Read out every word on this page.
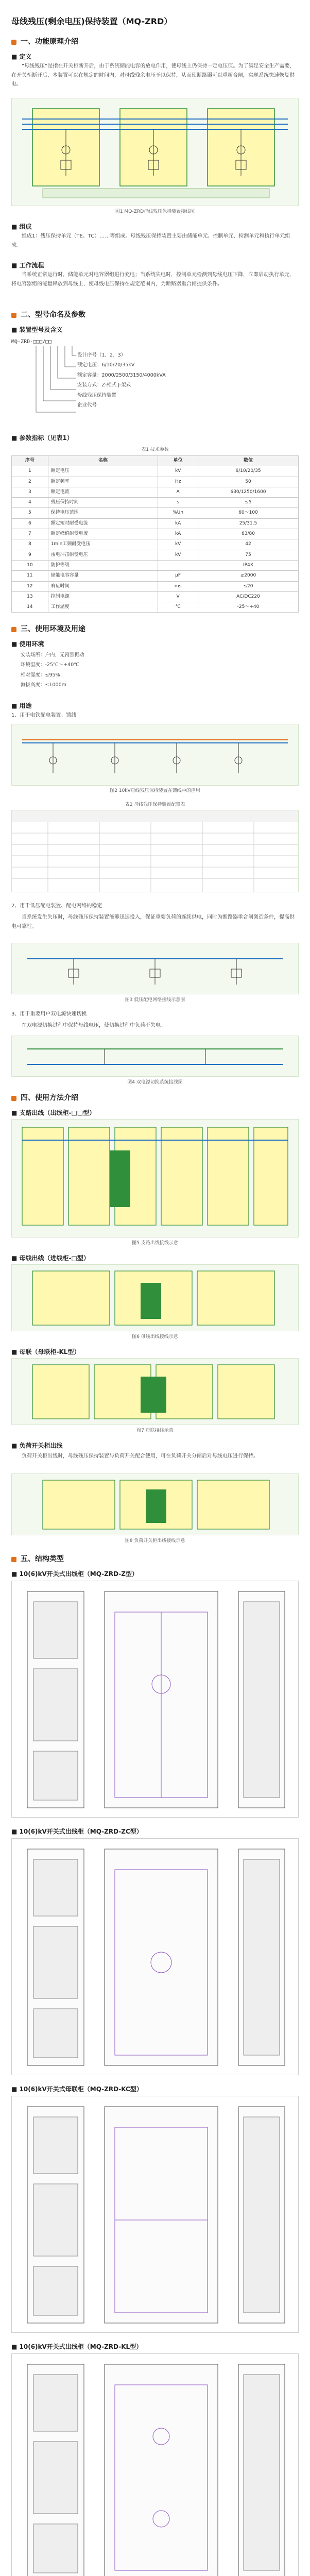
母线残压(剩余电压)保持装置（MQ-ZRD）
一、功能原理介绍
■ 定义
“母线残压”是指在开关柜断开后，由于系统储能电容的放电作用，使母线上仍保持一定电压值。为了满足安全生产需要，在开关柜断开后，本装置可以在规定的时间内，对母线残余电压予以保持，从而使断路器可以重新合闸，实现系统快速恢复供电。
图1 MQ-ZRD母线残压保持装置接线图
■ 组成
组成1：残压保持单元（TE、TC）……等组成。母线残压保持装置主要由储能单元、控制单元、检测单元和执行单元组成。
■ 工作流程
当系统正常运行时，储能单元对电容器组进行充电；当系统失电时，控制单元检测到母线电压下降，立即启动执行单元，将电容器组的能量释放到母线上，使母线电压保持在规定范围内，为断路器重合闸提供条件。
二、型号命名及参数
■ 装置型号及含义
MQ-ZRD-□□□/□□
设计序号（1、2、3）
额定电压：6/10/20/35kV
额定容量：2000/2500/3150/4000kVA
安装方式：Z-柜式 J-架式
母线残压保持装置
企业代号
■ 参数指标（见表1）
表1 技术参数
序号	名称	单位	数值
1	额定电压	kV	6/10/20/35
2	额定频率	Hz	50
3	额定电流	A	630/1250/1600
4	残压保持时间	s	≤5
5	保持电压范围	%Un	60～100
6	额定短时耐受电流	kA	25/31.5
7	额定峰值耐受电流	kA	63/80
8	1min工频耐受电压	kV	42
9	雷电冲击耐受电压	kV	75
10	防护等级		IP4X
11	储能电容容量	μF	≥2000
12	响应时间	ms	≤20
13	控制电源	V	AC/DC220
14	工作温度	℃	-25～+40
三、使用环境及用途
■ 使用环境
安装场所：户内，无剧烈振动
环境温度：-25℃～+40℃
相对湿度：≤95%
海拔高度：≤1000m
■ 用途
1、用于电铁配电装置、馈线
图2 10kV母线残压保持装置在馈线中的应用
表2 母线残压保持装置配置表
2、用于低压配电装置、配电网络的稳定
当系统发生失压时，母线残压保持装置能够迅速投入，保证重要负荷的连续供电，同时为断路器重合闸创造条件，提高供电可靠性。
图3 低压配电网络接线示意图
3、用于重要用户双电源快速切换
在双电源切换过程中保持母线电压，使切换过程中负荷不失电。
图4 双电源切换系统接线图
四、使用方法介绍
■ 支路出线（出线柜-□□型）
图5 支路出线接线示意
■ 母线出线（进线柜-□型）
图6 母线出线接线示意
■ 母联（母联柜-KL型）
图7 母联接线示意
■ 负荷开关柜出线
负荷开关柜出线时，母线残压保持装置与负荷开关配合使用，可在负荷开关分闸后对母线电压进行保持。
图8 负荷开关柜出线接线示意
五、结构类型
■ 10(6)kV开关式出线柜（MQ-ZRD-Z型）
■ 10(6)kV开关式出线柜（MQ-ZRD-ZC型）
■ 10(6)kV开关式母联柜（MQ-ZRD-KC型）
■ 10(6)kV开关式出线柜（MQ-ZRD-KL型）
